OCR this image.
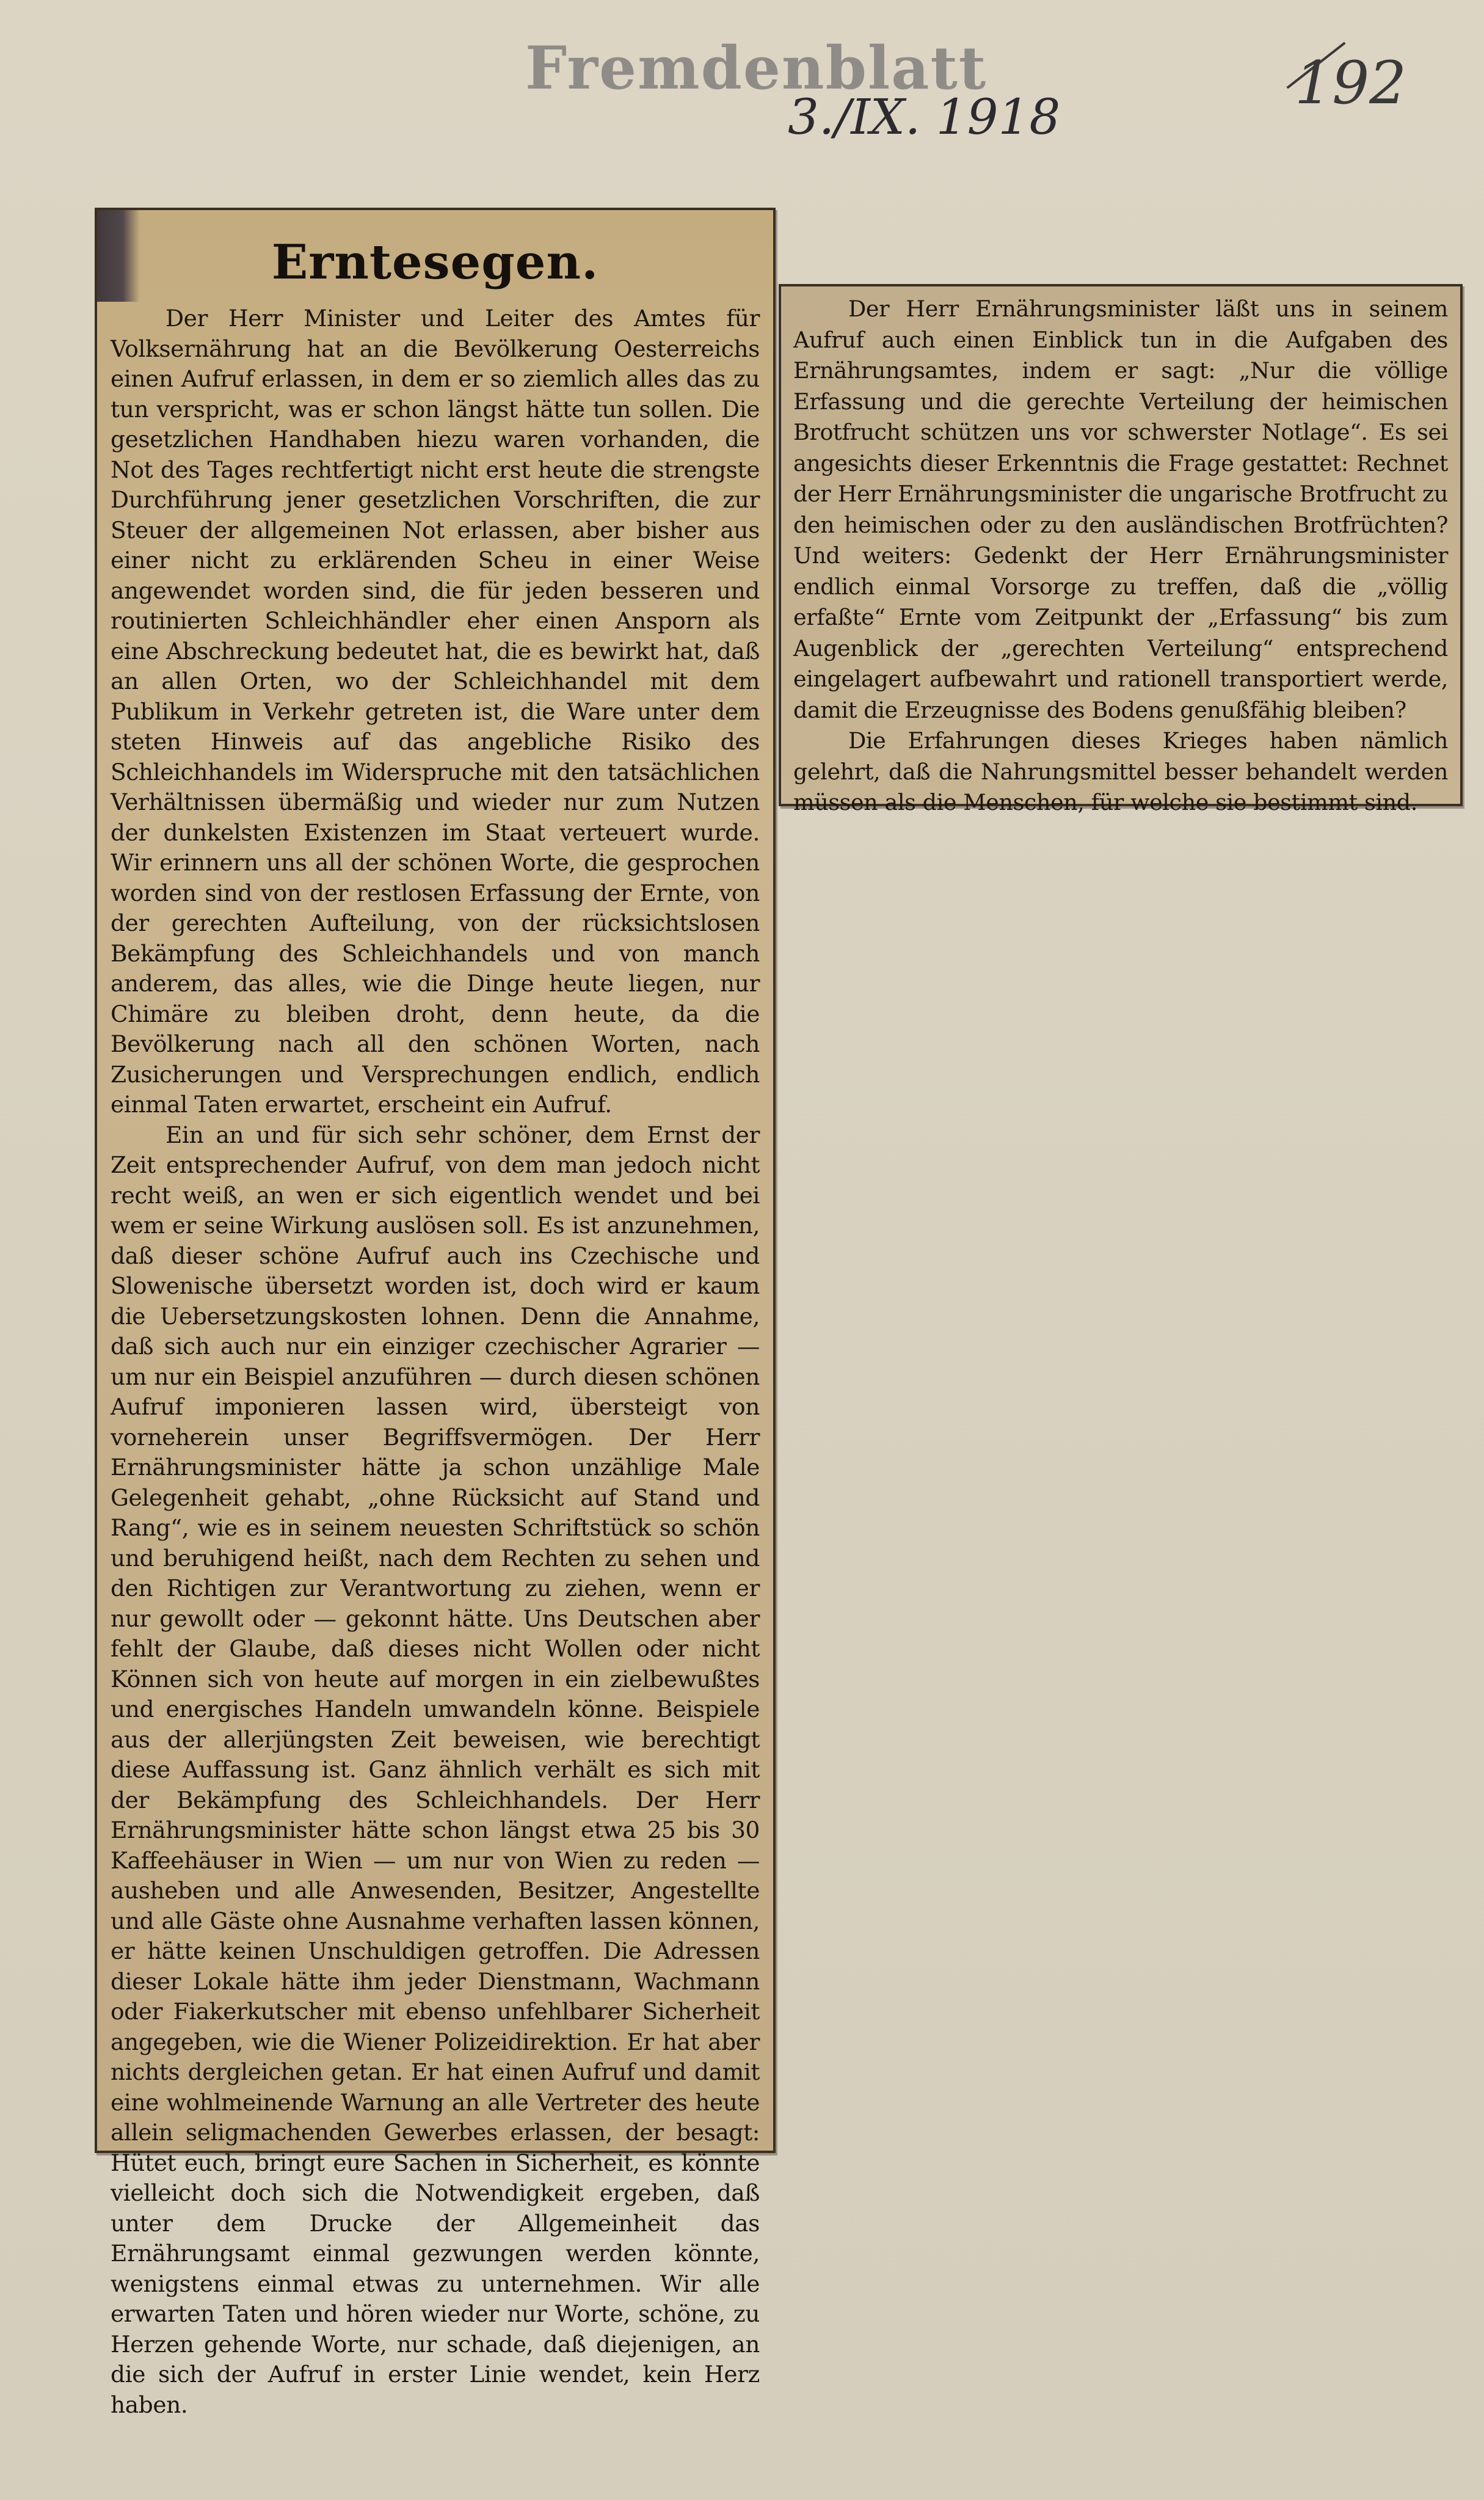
Fremdenblatt
3./IX. 1918	192
Erntesegen.

Der Herr Minister und Leiter des Amtes für Volksernährung hat an die Bevölkerung Oesterreichs einen Aufruf erlassen, in dem er so ziemlich alles das zu tun verspricht, was er schon längst hätte tun sollen. Die gesetzlichen Handhaben hiezu waren vorhanden, die Not des Tages rechtfertigt nicht erst heute die strengste Durchführung jener gesetzlichen Vorschriften, die zur Steuer der allgemeinen Not erlassen, aber bisher aus einer nicht zu erklärenden Scheu in einer Weise angewendet worden sind, die für jeden besseren und routinierten Schleichhändler eher einen Ansporn als eine Abschreckung bedeutet hat, die es bewirkt hat, daß an allen Orten, wo der Schleichhandel mit dem Publikum in Verkehr getreten ist, die Ware unter dem steten Hinweis auf das angebliche Risiko des Schleichhandels im Widerspruche mit den tatsächlichen Verhältnissen übermäßig und wieder nur zum Nutzen der dunkelsten Existenzen im Staat verteuert wurde. Wir erinnern uns all der schönen Worte, die gesprochen worden sind von der restlosen Erfassung der Ernte, von der gerechten Aufteilung, von der rücksichtslosen Bekämpfung des Schleichhandels und von manch anderem, das alles, wie die Dinge heute liegen, nur Chimäre zu bleiben droht, denn heute, da die Bevölkerung nach all den schönen Worten, nach Zusicherungen und Versprechungen endlich, endlich einmal Taten erwartet, erscheint ein Aufruf.

Ein an und für sich sehr schöner, dem Ernst der Zeit entsprechender Aufruf, von dem man jedoch nicht recht weiß, an wen er sich eigentlich wendet und bei wem er seine Wirkung auslösen soll. Es ist anzunehmen, daß dieser schöne Aufruf auch ins Czechische und Slowenische übersetzt worden ist, doch wird er kaum die Uebersetzungskosten lohnen. Denn die Annahme, daß sich auch nur ein einziger czechischer Agrarier — um nur ein Beispiel anzuführen — durch diesen schönen Aufruf imponieren lassen wird, übersteigt von vorneherein unser Begriffsvermögen. Der Herr Ernährungsminister hätte ja schon unzählige Male Gelegenheit gehabt, „ohne Rücksicht auf Stand und Rang“, wie es in seinem neuesten Schriftstück so schön und beruhigend heißt, nach dem Rechten zu sehen und den Richtigen zur Verantwortung zu ziehen, wenn er nur gewollt oder — gekonnt hätte. Uns Deutschen aber fehlt der Glaube, daß dieses nicht Wollen oder nicht Können sich von heute auf morgen in ein zielbewußtes und energisches Handeln umwandeln könne. Beispiele aus der allerjüngsten Zeit beweisen, wie berechtigt diese Auffassung ist. Ganz ähnlich verhält es sich mit der Bekämpfung des Schleichhandels. Der Herr Ernährungsminister hätte schon längst etwa 25 bis 30 Kaffeehäuser in Wien — um nur von Wien zu reden — ausheben und alle Anwesenden, Besitzer, Angestellte und alle Gäste ohne Ausnahme verhaften lassen können, er hätte keinen Unschuldigen getroffen. Die Adressen dieser Lokale hätte ihm jeder Dienstmann, Wachmann oder Fiakerkutscher mit ebenso unfehlbarer Sicherheit angegeben, wie die Wiener Polizeidirektion. Er hat aber nichts dergleichen getan. Er hat einen Aufruf und damit eine wohlmeinende Warnung an alle Vertreter des heute allein seligmachenden Gewerbes erlassen, der besagt: Hütet euch, bringt eure Sachen in Sicherheit, es könnte vielleicht doch sich die Notwendigkeit ergeben, daß unter dem Drucke der Allgemeinheit das Ernährungsamt einmal gezwungen werden könnte, wenigstens einmal etwas zu unternehmen. Wir alle erwarten Taten und hören wieder nur Worte, schöne, zu Herzen gehende Worte, nur schade, daß diejenigen, an die sich der Aufruf in erster Linie wendet, kein Herz haben.

Der Herr Ernährungsminister läßt uns in seinem Aufruf auch einen Einblick tun in die Aufgaben des Ernährungsamtes, indem er sagt: „Nur die völlige Erfassung und die gerechte Verteilung der heimischen Brotfrucht schützen uns vor schwerster Notlage“. Es sei angesichts dieser Erkenntnis die Frage gestattet: Rechnet der Herr Ernährungsminister die ungarische Brotfrucht zu den heimischen oder zu den ausländischen Brotfrüchten? Und weiters: Gedenkt der Herr Ernährungsminister endlich einmal Vorsorge zu treffen, daß die „völlig erfaßte“ Ernte vom Zeitpunkt der „Erfassung“ bis zum Augenblick der „gerechten Verteilung“ entsprechend eingelagert aufbewahrt und rationell transportiert werde, damit die Erzeugnisse des Bodens genußfähig bleiben?

Die Erfahrungen dieses Krieges haben nämlich gelehrt, daß die Nahrungsmittel besser behandelt werden müssen als die Menschen, für welche sie bestimmt sind.
